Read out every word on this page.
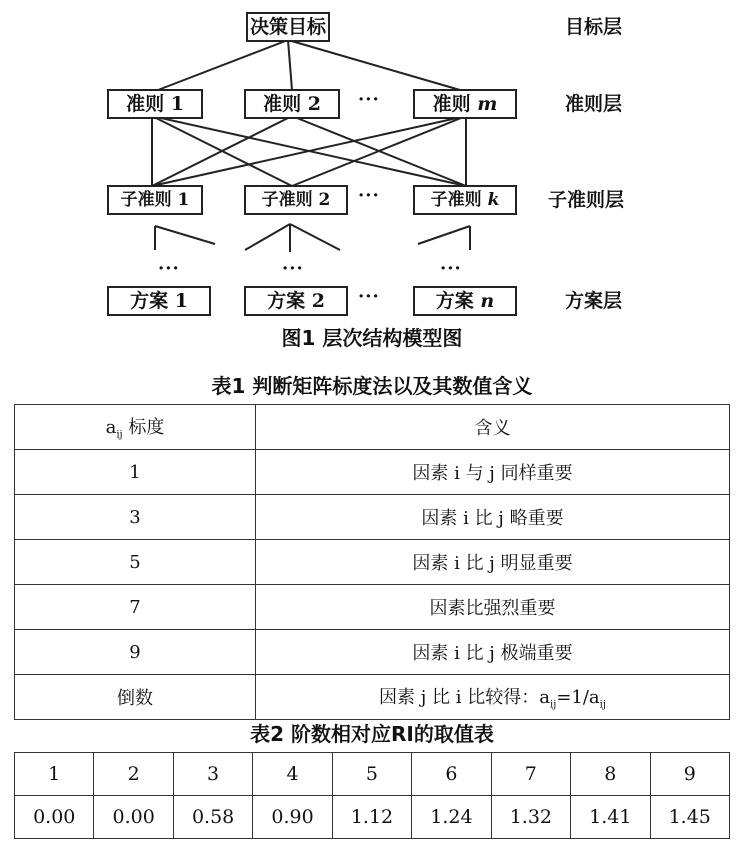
决策目标	目标层
准则 1	准则 2	···	准则 m	准则层
子准则 1	子准则 2	···	子准则 k	子准则层
···	···	···
方案 1	方案 2	···	方案 n	方案层
图1 层次结构模型图
表1 判断矩阵标度法以及其数值含义
$a_{ij}$ 标度	含义
1	因素 i 与 j 同样重要
3	因素 i 比 j 略重要
5	因素 i 比 j 明显重要
7	因素比强烈重要
9	因素 i 比 j 极端重要
倒数	因素 j 比 i 比较得：$a_{ij}=1/a_{ij}$
表2 阶数相对应RI的取值表
1	2	3	4	5	6	7	8	9
0.00	0.00	0.58	0.90	1.12	1.24	1.32	1.41	1.45
